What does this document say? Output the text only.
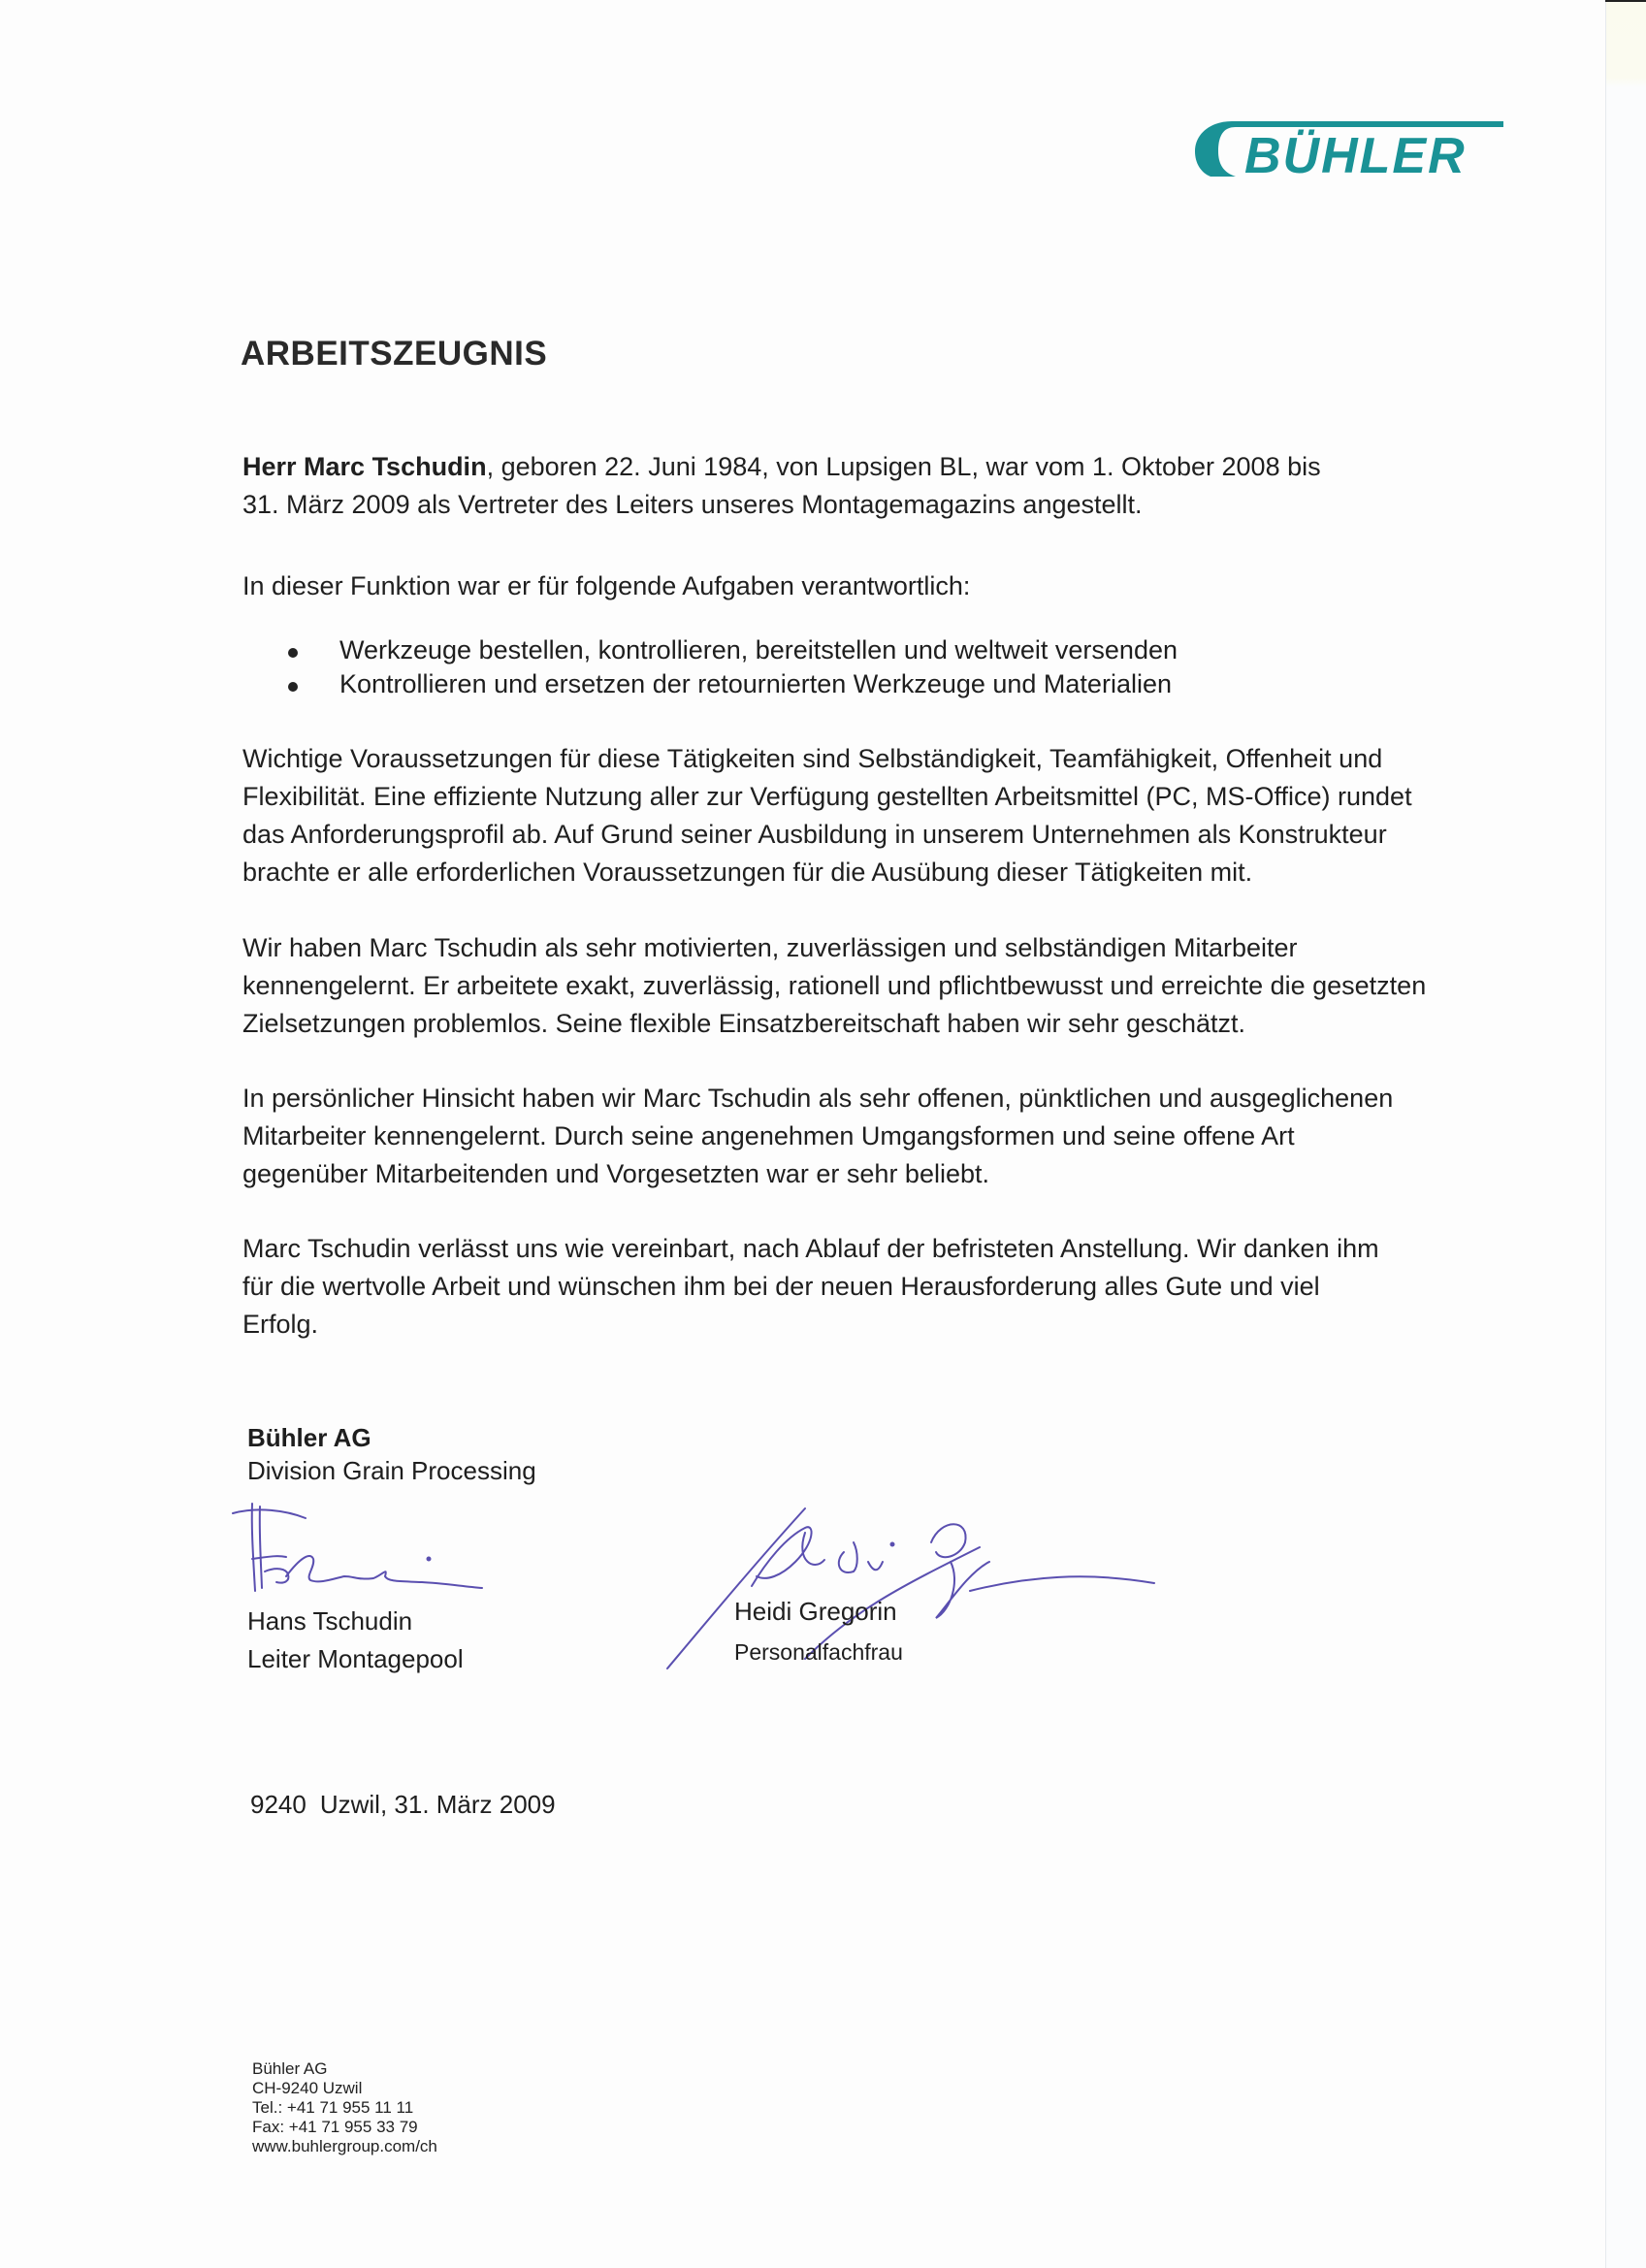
BÜHLER
ARBEITSZEUGNIS
Herr Marc Tschudin, geboren 22. Juni 1984, von Lupsigen BL, war vom 1. Oktober 2008 bis
31. März 2009 als Vertreter des Leiters unseres Montagemagazins angestellt.
In dieser Funktion war er für folgende Aufgaben verantwortlich:
Werkzeuge bestellen, kontrollieren, bereitstellen und weltweit versenden
Kontrollieren und ersetzen der retournierten Werkzeuge und Materialien
Wichtige Voraussetzungen für diese Tätigkeiten sind Selbständigkeit, Teamfähigkeit, Offenheit und
Flexibilität. Eine effiziente Nutzung aller zur Verfügung gestellten Arbeitsmittel (PC, MS-Office) rundet
das Anforderungsprofil ab. Auf Grund seiner Ausbildung in unserem Unternehmen als Konstrukteur
brachte er alle erforderlichen Voraussetzungen für die Ausübung dieser Tätigkeiten mit.
Wir haben Marc Tschudin als sehr motivierten, zuverlässigen und selbständigen Mitarbeiter
kennengelernt. Er arbeitete exakt, zuverlässig, rationell und pflichtbewusst und erreichte die gesetzten
Zielsetzungen problemlos. Seine flexible Einsatzbereitschaft haben wir sehr geschätzt.
In persönlicher Hinsicht haben wir Marc Tschudin als sehr offenen, pünktlichen und ausgeglichenen
Mitarbeiter kennengelernt. Durch seine angenehmen Umgangsformen und seine offene Art
gegenüber Mitarbeitenden und Vorgesetzten war er sehr beliebt.
Marc Tschudin verlässt uns wie vereinbart, nach Ablauf der befristeten Anstellung. Wir danken ihm
für die wertvolle Arbeit und wünschen ihm bei der neuen Herausforderung alles Gute und viel
Erfolg.
Bühler AG
Division Grain Processing
Hans Tschudin
Leiter Montagepool
Heidi Gregorin
Personalfachfrau
9240 Uzwil, 31. März 2009
Bühler AG
CH-9240 Uzwil
Tel.: +41 71 955 11 11
Fax: +41 71 955 33 79
www.buhlergroup.com/ch
